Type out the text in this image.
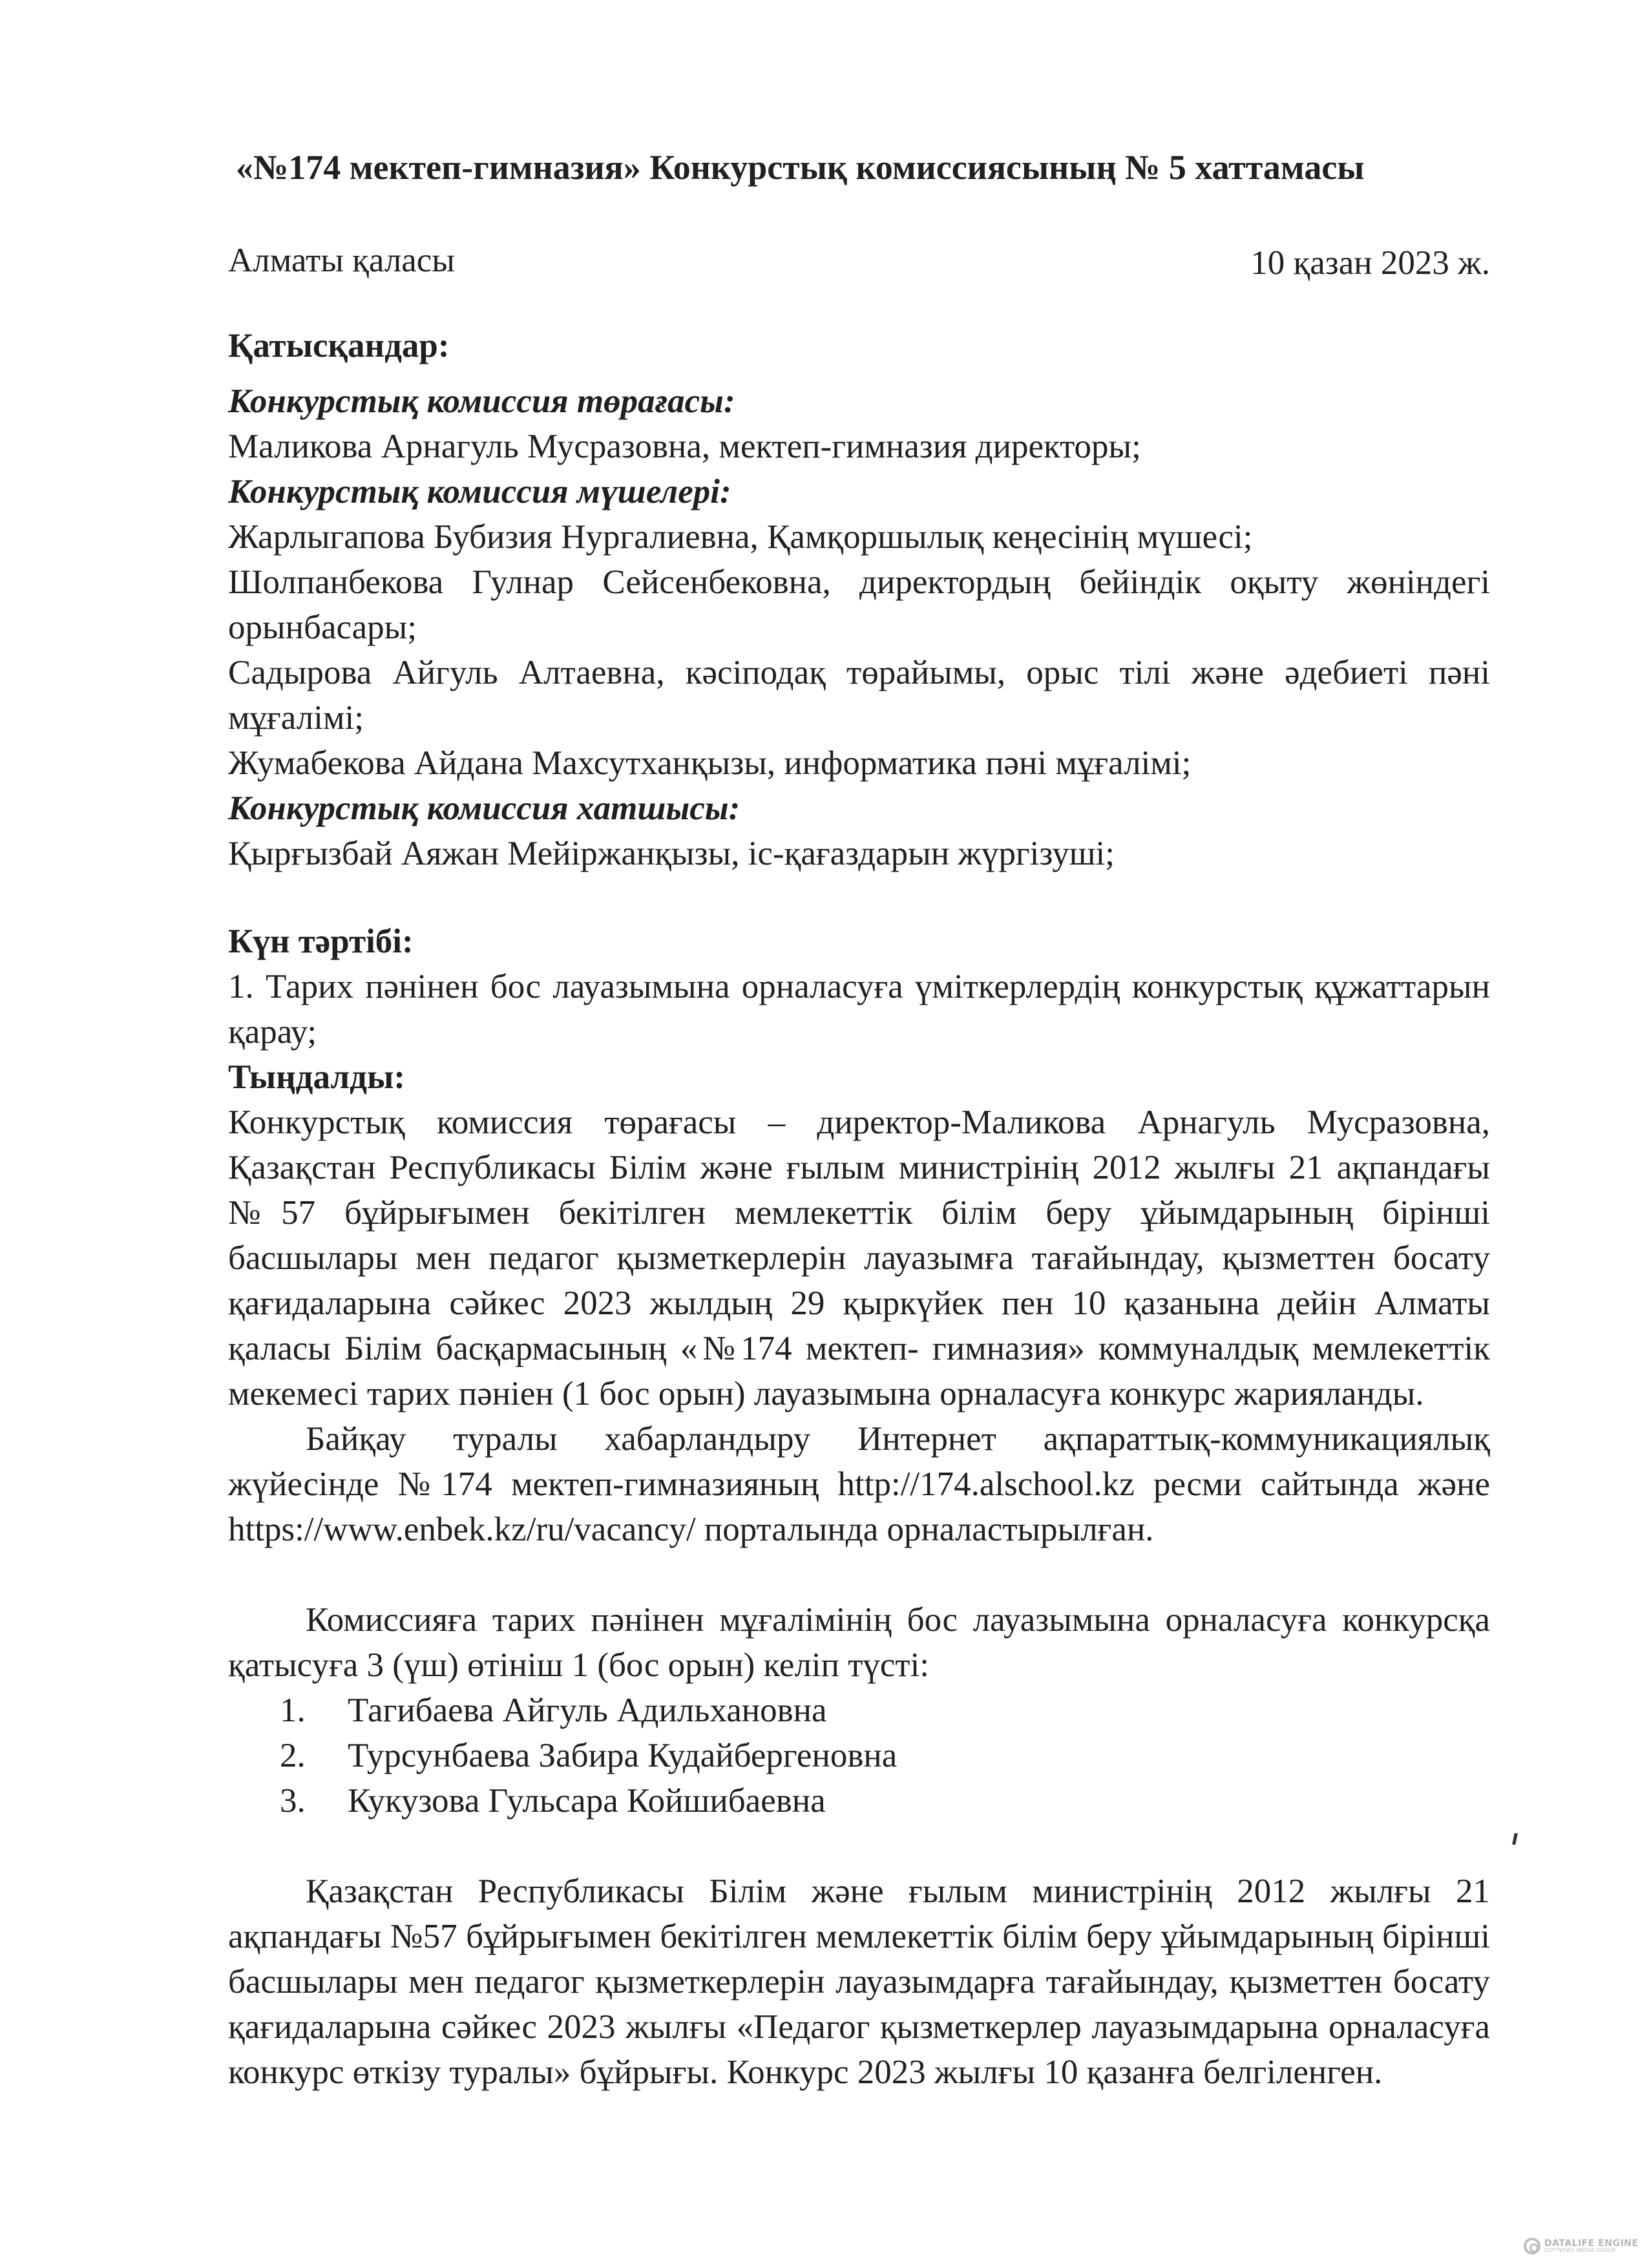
«№174 мектеп-гимназия» Конкурстық комиссиясының № 5 хаттамасы
Алматы қаласы	10 қазан 2023 ж.

Қатысқандар:

Конкурстық комиссия төрағасы:

Маликова Арнагуль Мусразовна, мектеп-гимназия директоры;

Конкурстық комиссия мүшелері:

Жарлыгапова Бубизия Нургалиевна, Қамқоршылық кеңесінің мүшесі;

Шолпанбекова Гулнар Сейсенбековна, директордың бейіндік оқыту жөніндегі орынбасары;

Садырова Айгуль Алтаевна, кәсіподақ төрайымы, орыс тілі және әдебиеті пәні мұғалімі;

Жумабекова Айдана Махсутханқызы, информатика пәні мұғалімі;

Конкурстық комиссия хатшысы:

Қырғызбай Аяжан Мейіржанқызы, іс-қағаздарын жүргізуші;

Күн тәртібі:

1. Тарих пәнінен бос лауазымына орналасуға үміткерлердің конкурстық құжаттарын қарау;

Тыңдалды:

Конкурстық комиссия төрағасы – директор-Маликова Арнагуль Мусразовна, Қазақстан Республикасы Білім және ғылым министрінің 2012 жылғы 21 ақпандағы №57 бұйрығымен бекітілген мемлекеттік білім беру ұйымдарының бірінші басшылары мен педагог қызметкерлерін лауазымға тағайындау, қызметтен босату қағидаларына сәйкес 2023 жылдың 29 қыркүйек пен 10 қазанына дейін Алматы қаласы Білім басқармасының «№174 мектеп- гимназия» коммуналдық мемлекеттік мекемесі тарих пәніен (1 бос орын) лауазымына орналасуға конкурс жарияланды.

Байқау туралы хабарландыру Интернет ақпараттық-коммуникациялық жүйесінде №174 мектеп-гимназияның http://174.alschool.kz ресми сайтында және https://www.enbek.kz/ru/vacancy/ порталында орналастырылған.

Комиссияға тарих пәнінен мұғалімінің бос лауазымына орналасуға конкурсқа қатысуға 3 (үш) өтініш 1 (бос орын) келіп түсті:

1.	Тагибаева Айгуль Адильхановна
2.	Турсунбаева Забира Кудайбергеновна
3.	Кукузова Гульсара Койшибаевна

Қазақстан Республикасы Білім және ғылым министрінің 2012 жылғы 21 ақпандағы №57 бұйрығымен бекітілген мемлекеттік білім беру ұйымдарының бірінші басшылары мен педагог қызметкерлерін лауазымдарға тағайындау, қызметтен босату қағидаларына сәйкес 2023 жылғы «Педагог қызметкерлер лауазымдарына орналасуға конкурс өткізу туралы» бұйрығы. Конкурс 2023 жылғы 10 қазанға белгіленген.

DATALIFE ENGINE
SOFTNEWS MEDIA GROUP
